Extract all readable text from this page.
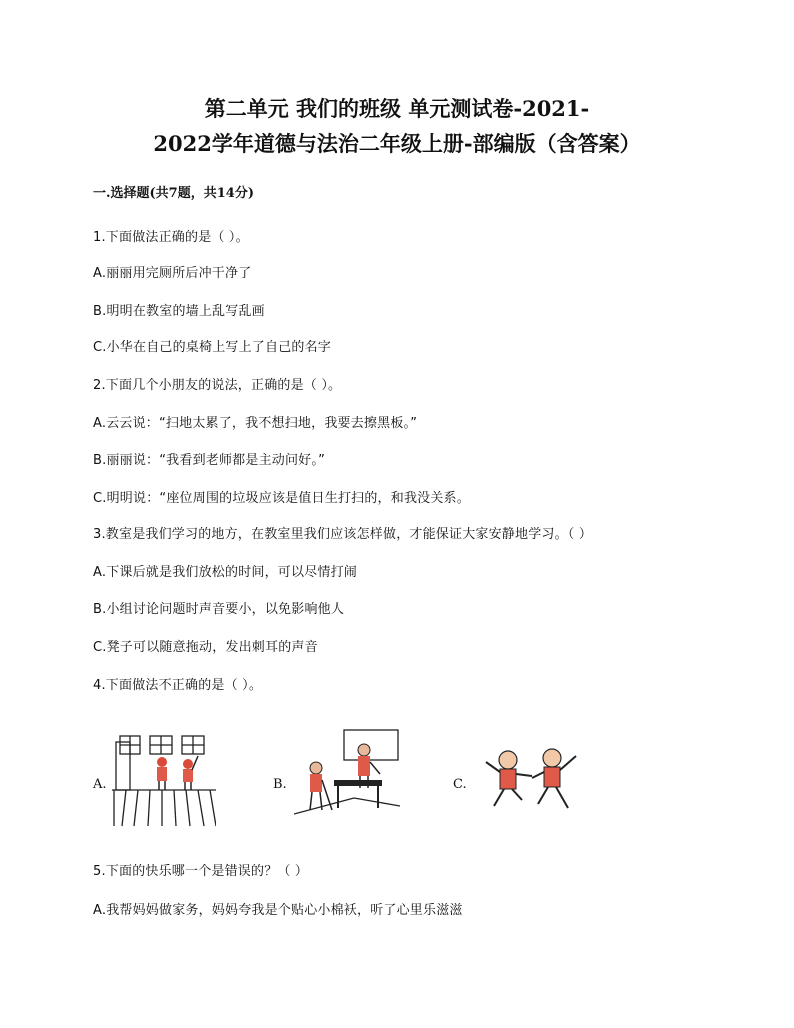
第二单元 我们的班级 单元测试卷-2021-
2022学年道德与法治二年级上册-部编版（含答案）
一.选择题(共7题，共14分)
1.下面做法正确的是（ ）。
A.丽丽用完厕所后冲干净了
B.明明在教室的墙上乱写乱画
C.小华在自己的桌椅上写上了自己的名字
2.下面几个小朋友的说法，正确的是（ ）。
A.云云说：“扫地太累了，我不想扫地，我要去擦黑板。”
B.丽丽说：“我看到老师都是主动问好。”
C.明明说：“座位周围的垃圾应该是值日生打扫的，和我没关系。
3.教室是我们学习的地方，在教室里我们应该怎样做，才能保证大家安静地学习。（ ）
A.下课后就是我们放松的时间，可以尽情打闹
B.小组讨论问题时声音要小，以免影响他人
C.凳子可以随意拖动，发出刺耳的声音
4.下面做法不正确的是（ ）。
A.	B.	C.
5.下面的快乐哪一个是错误的？（ ）
A.我帮妈妈做家务，妈妈夸我是个贴心小棉袄，听了心里乐滋滋
